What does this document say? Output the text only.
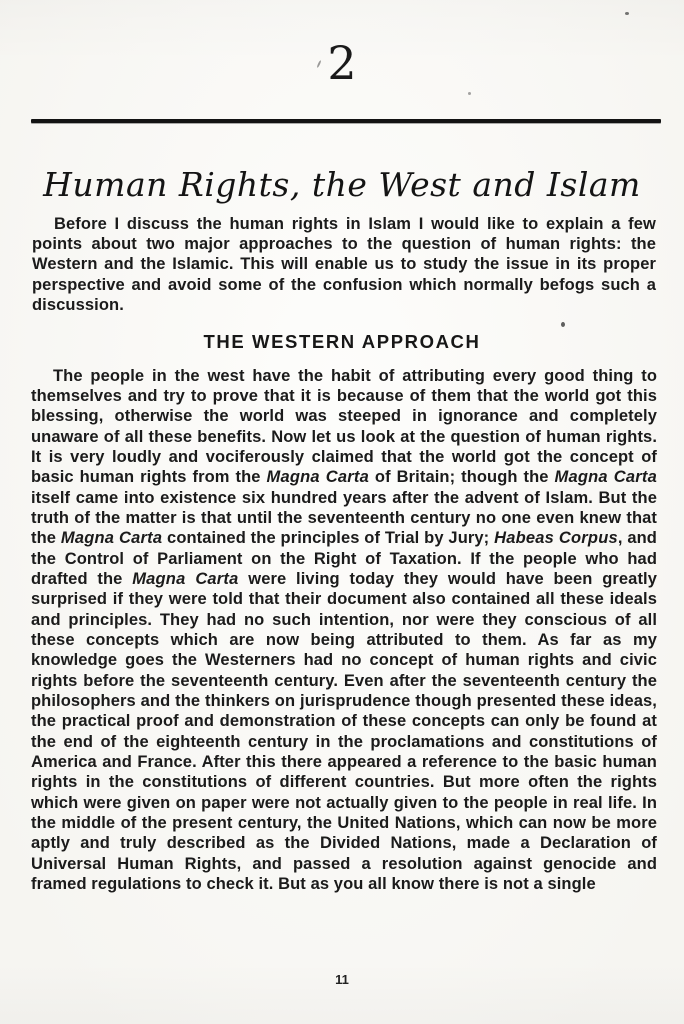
2
Human Rights, the West and Islam

Before I discuss the human rights in Islam I would like to explain a few points about two major approaches to the question of human rights: the Western and the Islamic. This will enable us to study the issue in its proper perspective and avoid some of the confusion which normally befogs such a discussion.

THE WESTERN APPROACH

The people in the west have the habit of attributing every good thing to themselves and try to prove that it is because of them that the world got this blessing, otherwise the world was steeped in ignorance and completely unaware of all these benefits. Now let us look at the question of human rights. It is very loudly and vociferously claimed that the world got the concept of basic human rights from the Magna Carta of Britain; though the Magna Carta itself came into existence six hundred years after the advent of Islam. But the truth of the matter is that until the seventeenth century no one even knew that the Magna Carta contained the principles of Trial by Jury; Habeas Corpus, and the Control of Parliament on the Right of Taxation. If the people who had drafted the Magna Carta were living today they would have been greatly surprised if they were told that their document also contained all these ideals and principles. They had no such intention, nor were they conscious of all these concepts which are now being attributed to them. As far as my knowledge goes the Westerners had no concept of human rights and civic rights before the seventeenth century. Even after the seventeenth century the philosophers and the thinkers on jurisprudence though presented these ideas, the practical proof and demonstration of these concepts can only be found at the end of the eighteenth century in the proclamations and constitutions of America and France. After this there appeared a reference to the basic human rights in the constitutions of different countries. But more often the rights which were given on paper were not actually given to the people in real life. In the middle of the present century, the United Nations, which can now be more aptly and truly described as the Divided Nations, made a Declaration of Universal Human Rights, and passed a resolution against genocide and framed regulations to check it. But as you all know there is not a single

11
